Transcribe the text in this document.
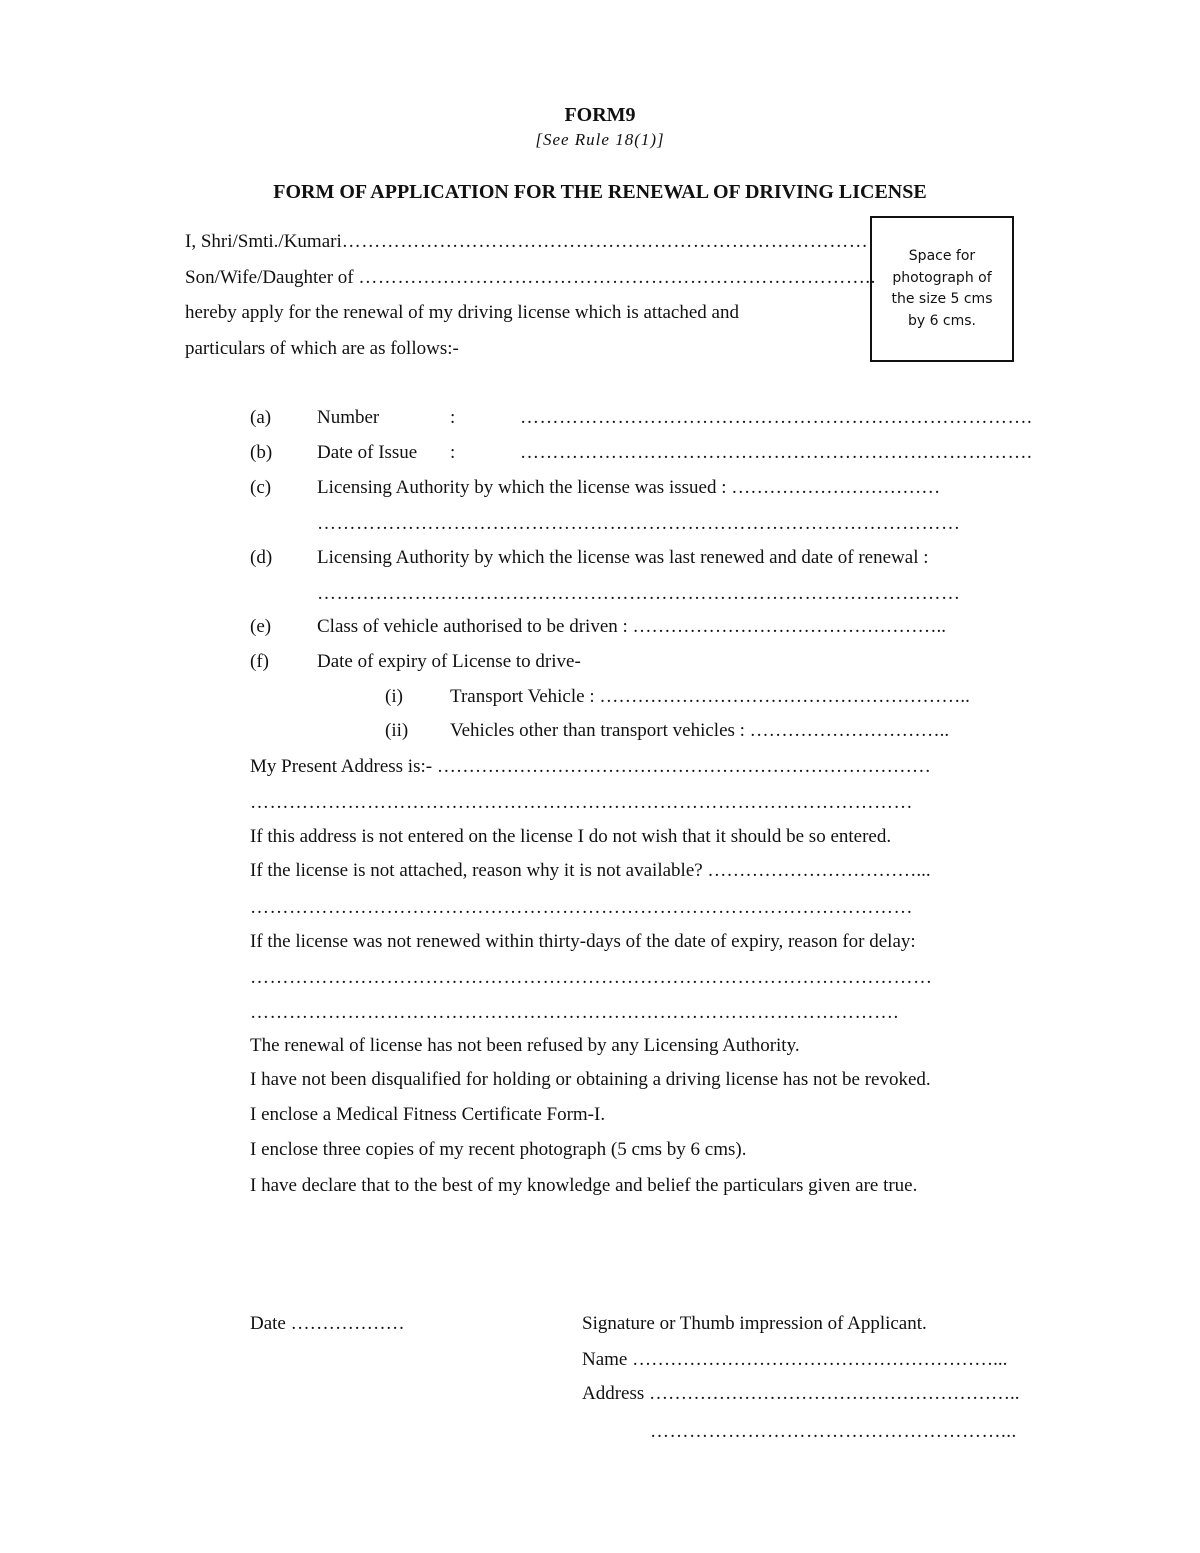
FORM9
[See Rule 18(1)]
FORM OF APPLICATION FOR THE RENEWAL OF DRIVING LICENSE
Space for
photograph of
the size 5 cms
by 6 cms.
I, Shri/Smti./Kumari………………………………………………………………………
Son/Wife/Daughter of ……………………………………………………………………..
hereby apply for the renewal of my driving license which is attached and
particulars of which are as follows:-
(a) Number	:	…………………………………………………………………….
(b) Date of Issue :	…………………………………………………………………….
(c) Licensing Authority by which the license was issued : ……………………………
………………………………………………………………………………………
(d) Licensing Authority by which the license was last renewed and date of renewal :
………………………………………………………………………………………
(e) Class of vehicle authorised to be driven : …………………………………………..
(f)	Date of expiry of License to drive-
(i) Transport Vehicle : …………………………………………………..
(ii) Vehicles other than transport vehicles : …………………………..
My Present Address is:- ……………………………………………………………………
…………………………………………………………………………………………
If this address is not entered on the license I do not wish that it should be so entered.
If the license is not attached, reason why it is not available? ……………………………...
…………………………………………………………………………………………
If the license was not renewed within thirty-days of the date of expiry, reason for delay:
……………………………………………………………………………………………
……………………………………………………………………………………….
The renewal of license has not been refused by any Licensing Authority.
I have not been disqualified for holding or obtaining a driving license has not be revoked.
I enclose a Medical Fitness Certificate Form-I.
I enclose three copies of my recent photograph (5 cms by 6 cms).
I have declare that to the best of my knowledge and belief the particulars given are true.
Date ………………	Signature or Thumb impression of Applicant.
Name …………………………………………………...
Address …………………………………………………..
………………………………………………...
